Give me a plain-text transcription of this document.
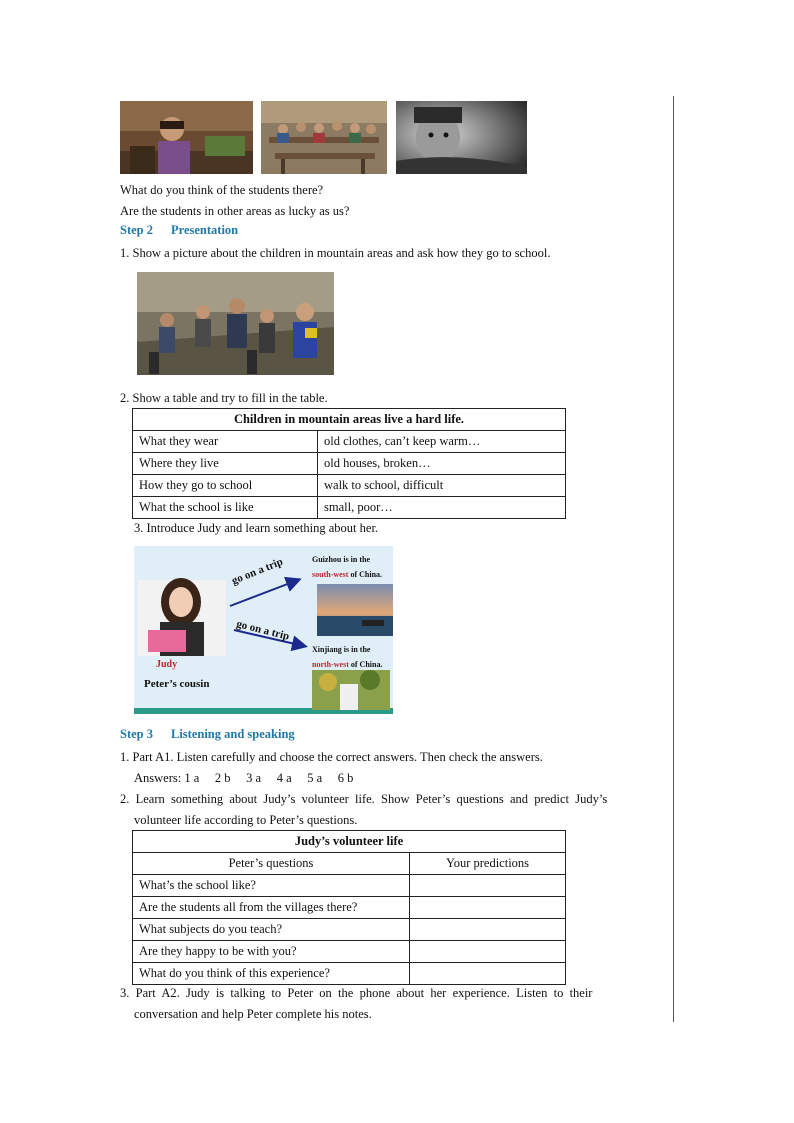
What do you think of the students there?
Are the students in other areas as lucky as us?
Step 2 Presentation
1. Show a picture about the children in mountain areas and ask how they go to school.
2. Show a table and try to fill in the table.
Children in mountain areas live a hard life.	
What they wear	old clothes, can’t keep warm…
Where they live	old houses, broken…
How they go to school	walk to school, difficult
What the school is like	small, poor…
3. Introduce Judy and learn something about her.
go on a trip
go on a trip
Guizhou is in the
south-west of China.
Xinjiang is in the
north-west of China.
Judy
Peter’s cousin
Step 3 Listening and speaking
1. Part A1. Listen carefully and choose the correct answers. Then check the answers.
Answers: 1 a     2 b     3 a     4 a     5 a     6 b
2.  Learn  something  about  Judy’s  volunteer  life.  Show  Peter’s  questions  and  predict  Judy’s
volunteer life according to Peter’s questions.
Judy’s volunteer life	
Peter’s questions	Your predictions
What’s the school like?	
Are the students all from the villages there?	
What subjects do you teach?	
Are they happy to be with you?	
What do you think of this experience?	
3.  Part  A2.  Judy  is  talking  to  Peter  on  the  phone  about  her  experience.  Listen  to  their
conversation and help Peter complete his notes.
